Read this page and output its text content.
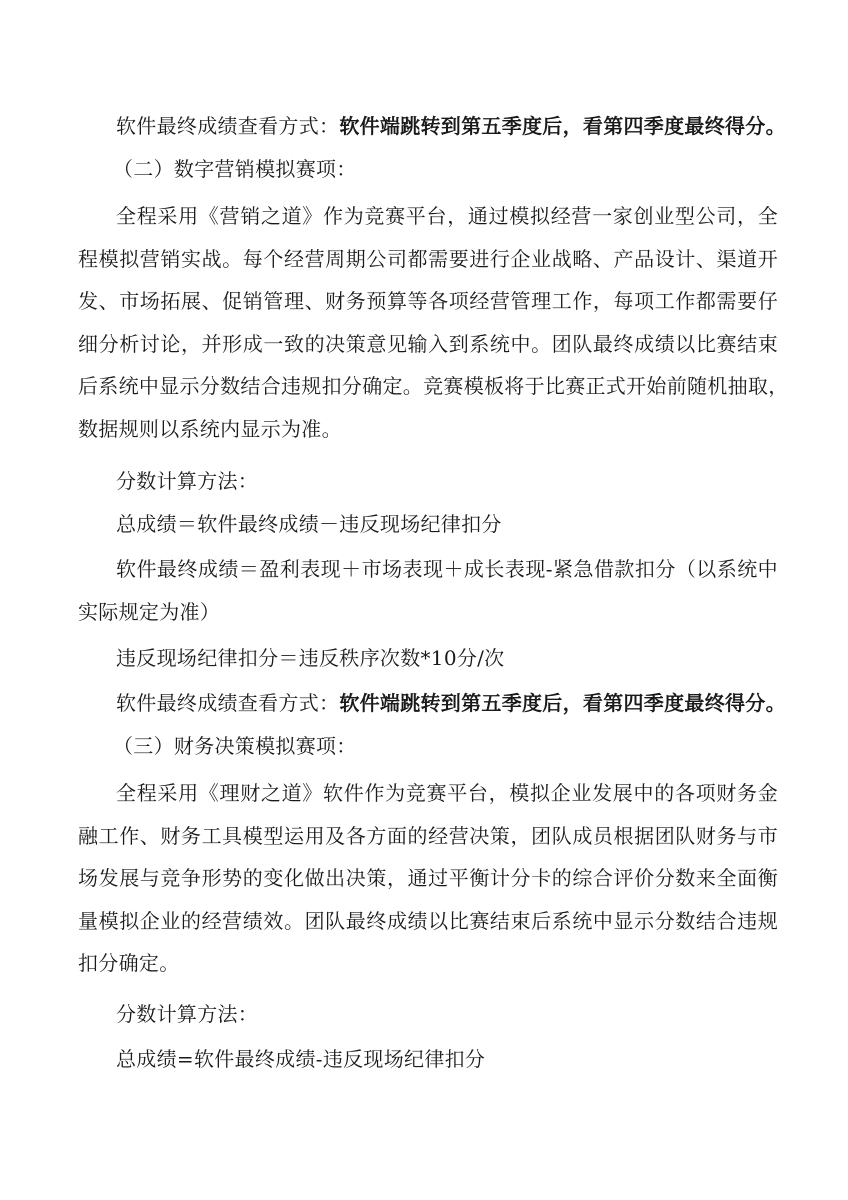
软件最终成绩查看方式：软件端跳转到第五季度后，看第四季度最终得分。
（二）数字营销模拟赛项：
全程采用《营销之道》作为竞赛平台，通过模拟经营一家创业型公司，全
程模拟营销实战。每个经营周期公司都需要进行企业战略、产品设计、渠道开
发、市场拓展、促销管理、财务预算等各项经营管理工作，每项工作都需要仔
细分析讨论，并形成一致的决策意见输入到系统中。团队最终成绩以比赛结束
后系统中显示分数结合违规扣分确定。竞赛模板将于比赛正式开始前随机抽取，
数据规则以系统内显示为准。
分数计算方法：
总成绩＝软件最终成绩－违反现场纪律扣分
软件最终成绩＝盈利表现＋市场表现＋成长表现-紧急借款扣分（以系统中
实际规定为准）
违反现场纪律扣分＝违反秩序次数*10分/次
软件最终成绩查看方式：软件端跳转到第五季度后，看第四季度最终得分。
（三）财务决策模拟赛项：
全程采用《理财之道》软件作为竞赛平台，模拟企业发展中的各项财务金
融工作、财务工具模型运用及各方面的经营决策，团队成员根据团队财务与市
场发展与竞争形势的变化做出决策，通过平衡计分卡的综合评价分数来全面衡
量模拟企业的经营绩效。团队最终成绩以比赛结束后系统中显示分数结合违规
扣分确定。
分数计算方法：
总成绩=软件最终成绩-违反现场纪律扣分
